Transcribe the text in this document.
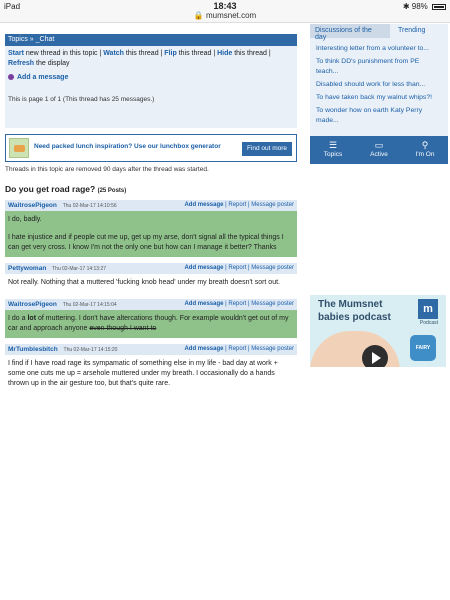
iPad	18:43	✱ 98%
🔒 mumsnet.com
Topics » _Chat
Start new thread in this topic | Watch this thread | Flip this thread | Hide this thread | Refresh the display
Add a message
This is page 1 of 1 (This thread has 25 messages.)
Need packed lunch inspiration? Use our lunchbox generator	Find out more
Threads in this topic are removed 90 days after the thread was started.
Do you get road rage? (25 Posts)
WaitrosePigeon Thu 02-Mar-17 14:10:56	Add message | Report | Message poster

I do, badly.

I hate injustice and if people cut me up, get up my arse, don't signal all the typical things I can get very cross. I know I'm not the only one but how can I manage it better? Thanks

Pettywoman Thu 02-Mar-17 14:13:27	Add message | Report | Message poster

Not really. Nothing that a muttered 'fucking knob head' under my breath doesn't sort out.

WaitrosePigeon Thu 02-Mar-17 14:15:04	Add message | Report | Message poster

I do a lot of muttering. I don't have altercations though. For example wouldn't get out of my car and approach anyone even though I want to

MrTumblesbitch Thu 02-Mar-17 14:15:20	Add message | Report | Message poster

I find if I have road rage its sympamatic of something else in my life - bad day at work + some one cuts me up = arsehole muttered under my breath. I occasionally do a hands thrown up in the air gesture too, but that's quite rare.

Discussions of the day
Trending
Interesting letter from a volunteer to...
To think DD's punishment from PE teach...
Disabled should work for less than...
To have taken back my walnut whips?!
To wonder how on earth Katy Perry made...
☰
Topics
▭
Active
⚲
I'm On
The Mumsnet
babies podcast
m
Podcast
FAIRY
